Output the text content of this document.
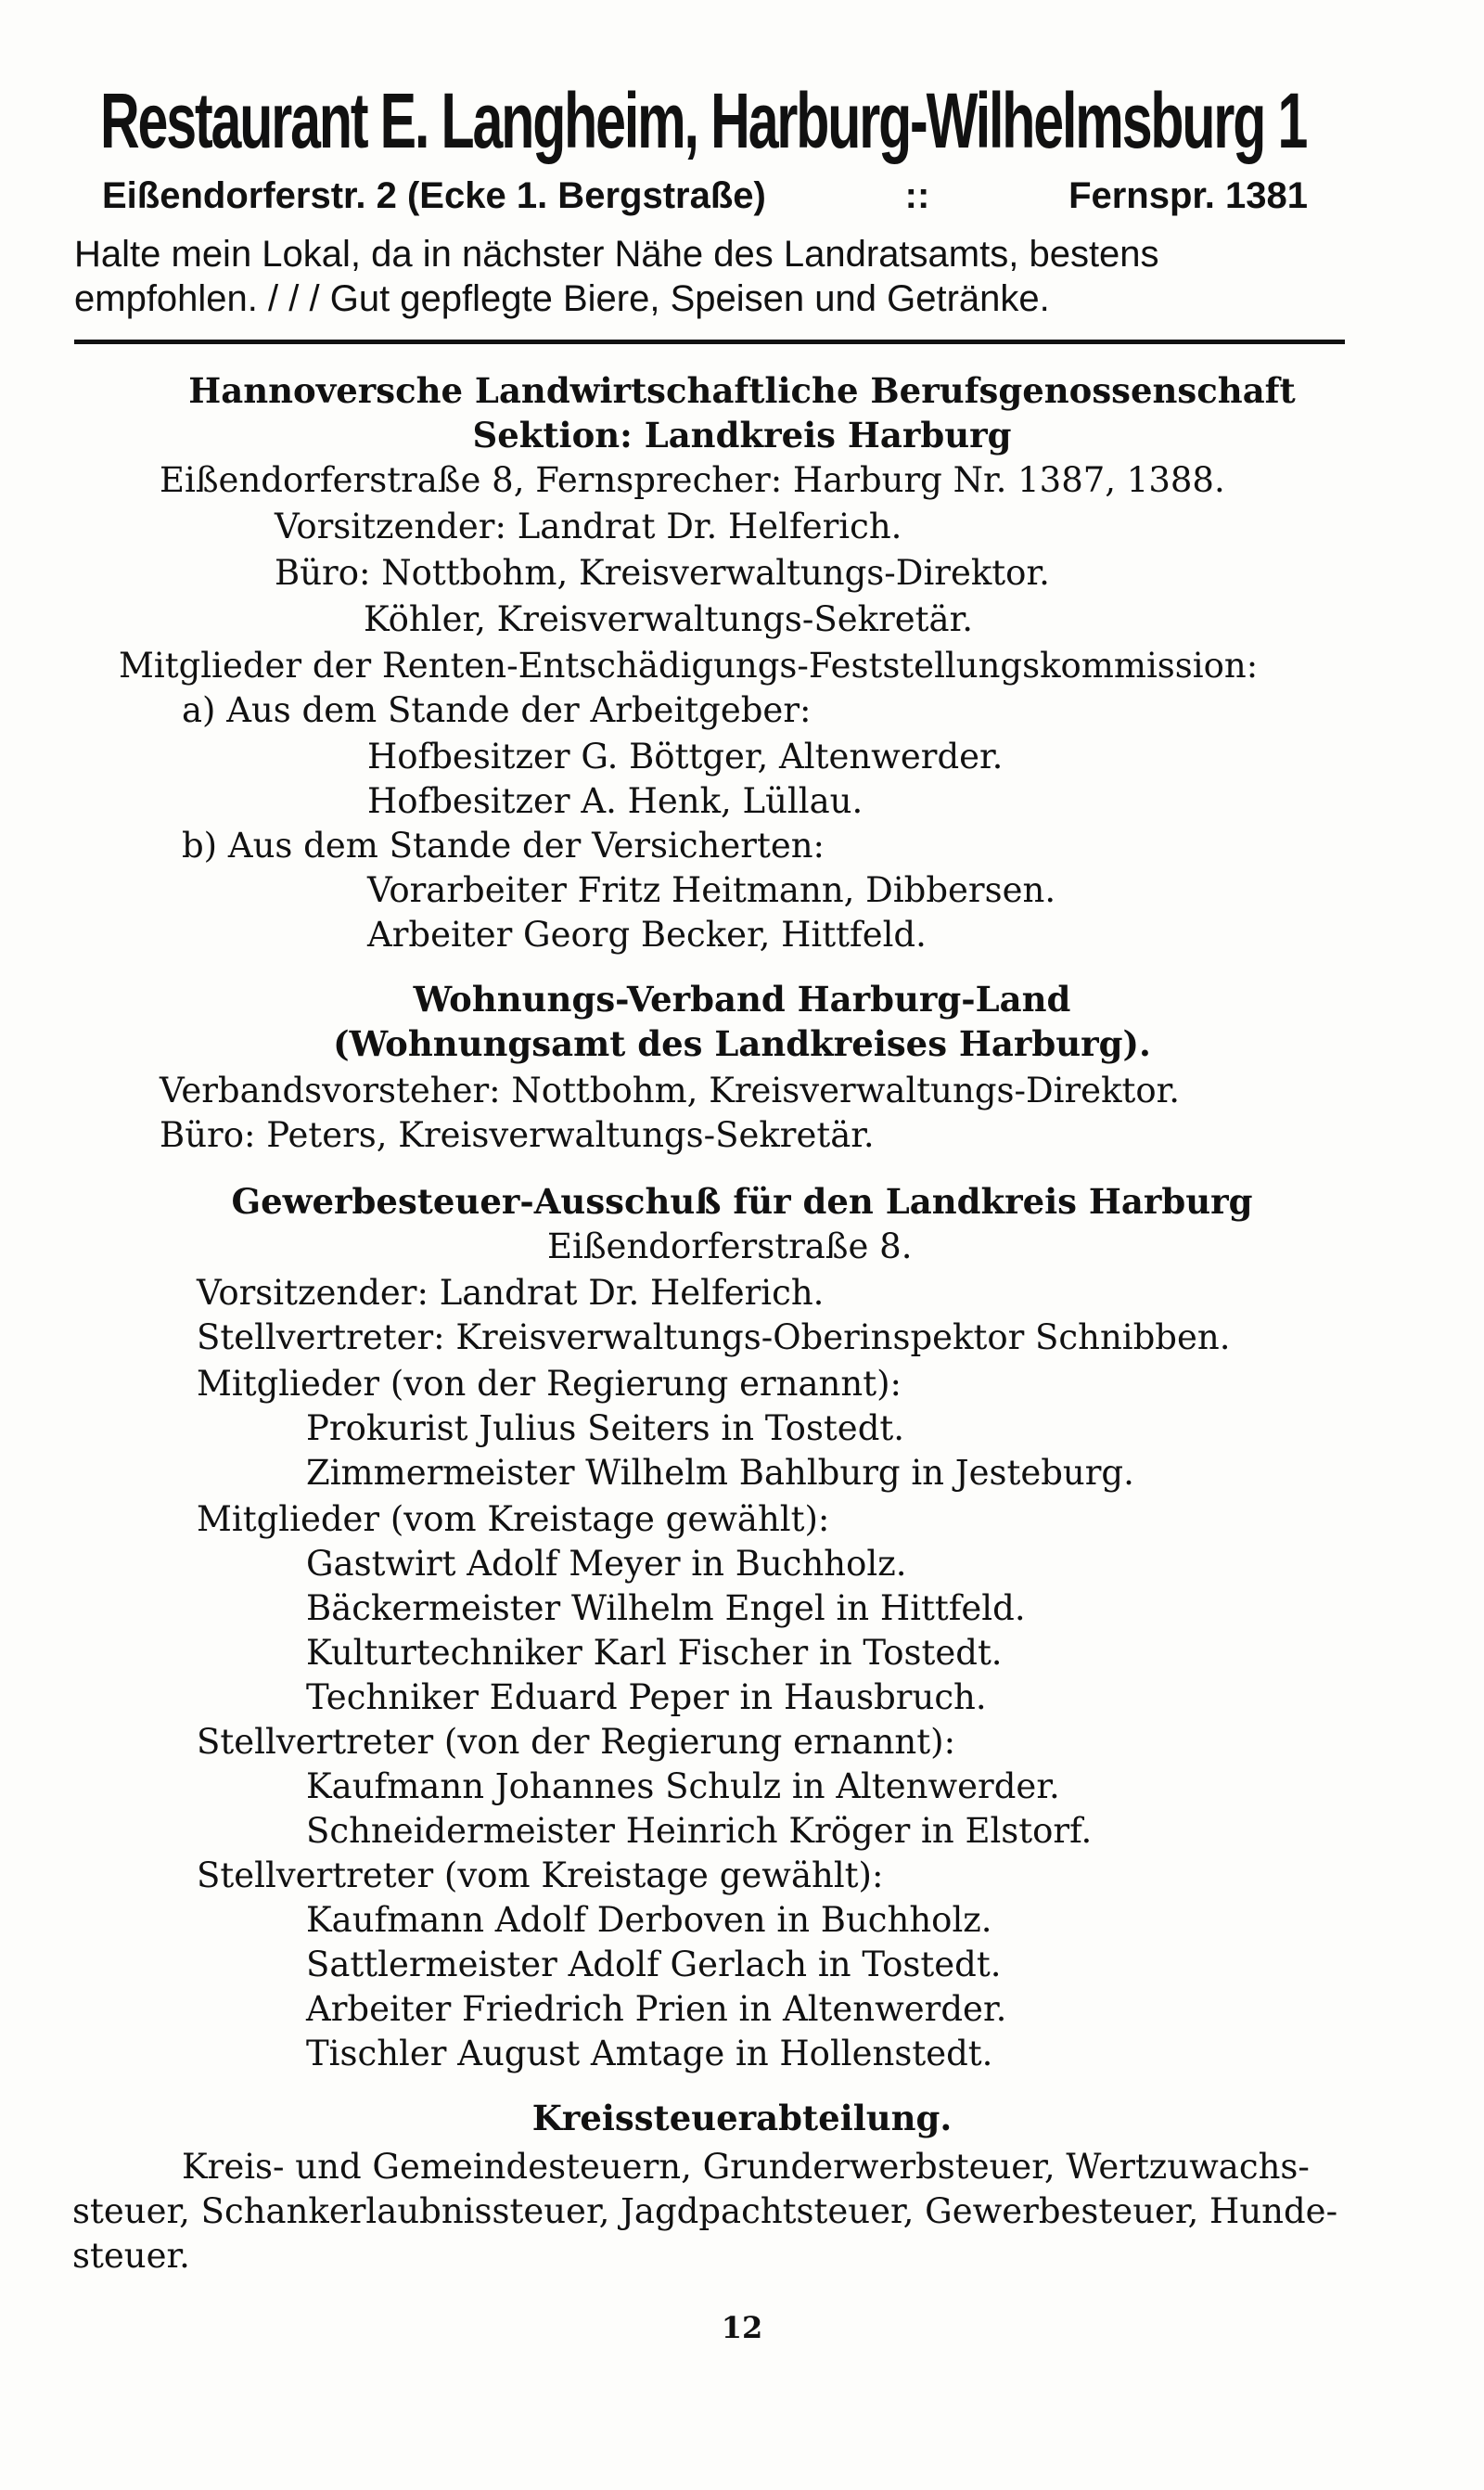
Restaurant E. Langheim, Harburg-Wilhelmsburg 1
Eißendorferstr. 2 (Ecke 1. Bergstraße)	::	Fernspr. 1381
Halte mein Lokal, da in nächster Nähe des Landratsamts, bestens
empfohlen. / / / Gut gepflegte Biere, Speisen und Getränke.
Hannoversche Landwirtschaftliche Berufsgenossenschaft
Sektion: Landkreis Harburg
Eißendorferstraße 8, Fernsprecher: Harburg Nr. 1387, 1388.
Vorsitzender: Landrat Dr. Helferich.
Büro: Nottbohm, Kreisverwaltungs-Direktor.
Köhler, Kreisverwaltungs-Sekretär.
Mitglieder der Renten-Entschädigungs-Feststellungskommission:
a) Aus dem Stande der Arbeitgeber:
Hofbesitzer G. Böttger, Altenwerder.
Hofbesitzer A. Henk, Lüllau.
b) Aus dem Stande der Versicherten:
Vorarbeiter Fritz Heitmann, Dibbersen.
Arbeiter Georg Becker, Hittfeld.
Wohnungs-Verband Harburg-Land
(Wohnungsamt des Landkreises Harburg).
Verbandsvorsteher: Nottbohm, Kreisverwaltungs-Direktor.
Büro: Peters, Kreisverwaltungs-Sekretär.
Gewerbesteuer-Ausschuß für den Landkreis Harburg
Eißendorferstraße 8.
Vorsitzender: Landrat Dr. Helferich.
Stellvertreter: Kreisverwaltungs-Oberinspektor Schnibben.
Mitglieder (von der Regierung ernannt):
Prokurist Julius Seiters in Tostedt.
Zimmermeister Wilhelm Bahlburg in Jesteburg.
Mitglieder (vom Kreistage gewählt):
Gastwirt Adolf Meyer in Buchholz.
Bäckermeister Wilhelm Engel in Hittfeld.
Kulturtechniker Karl Fischer in Tostedt.
Techniker Eduard Peper in Hausbruch.
Stellvertreter (von der Regierung ernannt):
Kaufmann Johannes Schulz in Altenwerder.
Schneidermeister Heinrich Kröger in Elstorf.
Stellvertreter (vom Kreistage gewählt):
Kaufmann Adolf Derboven in Buchholz.
Sattlermeister Adolf Gerlach in Tostedt.
Arbeiter Friedrich Prien in Altenwerder.
Tischler August Amtage in Hollenstedt.
Kreissteuerabteilung.
Kreis- und Gemeindesteuern, Grunderwerbsteuer, Wertzuwachs-
steuer, Schankerlaubnissteuer, Jagdpachtsteuer, Gewerbesteuer, Hunde-
steuer.
12
